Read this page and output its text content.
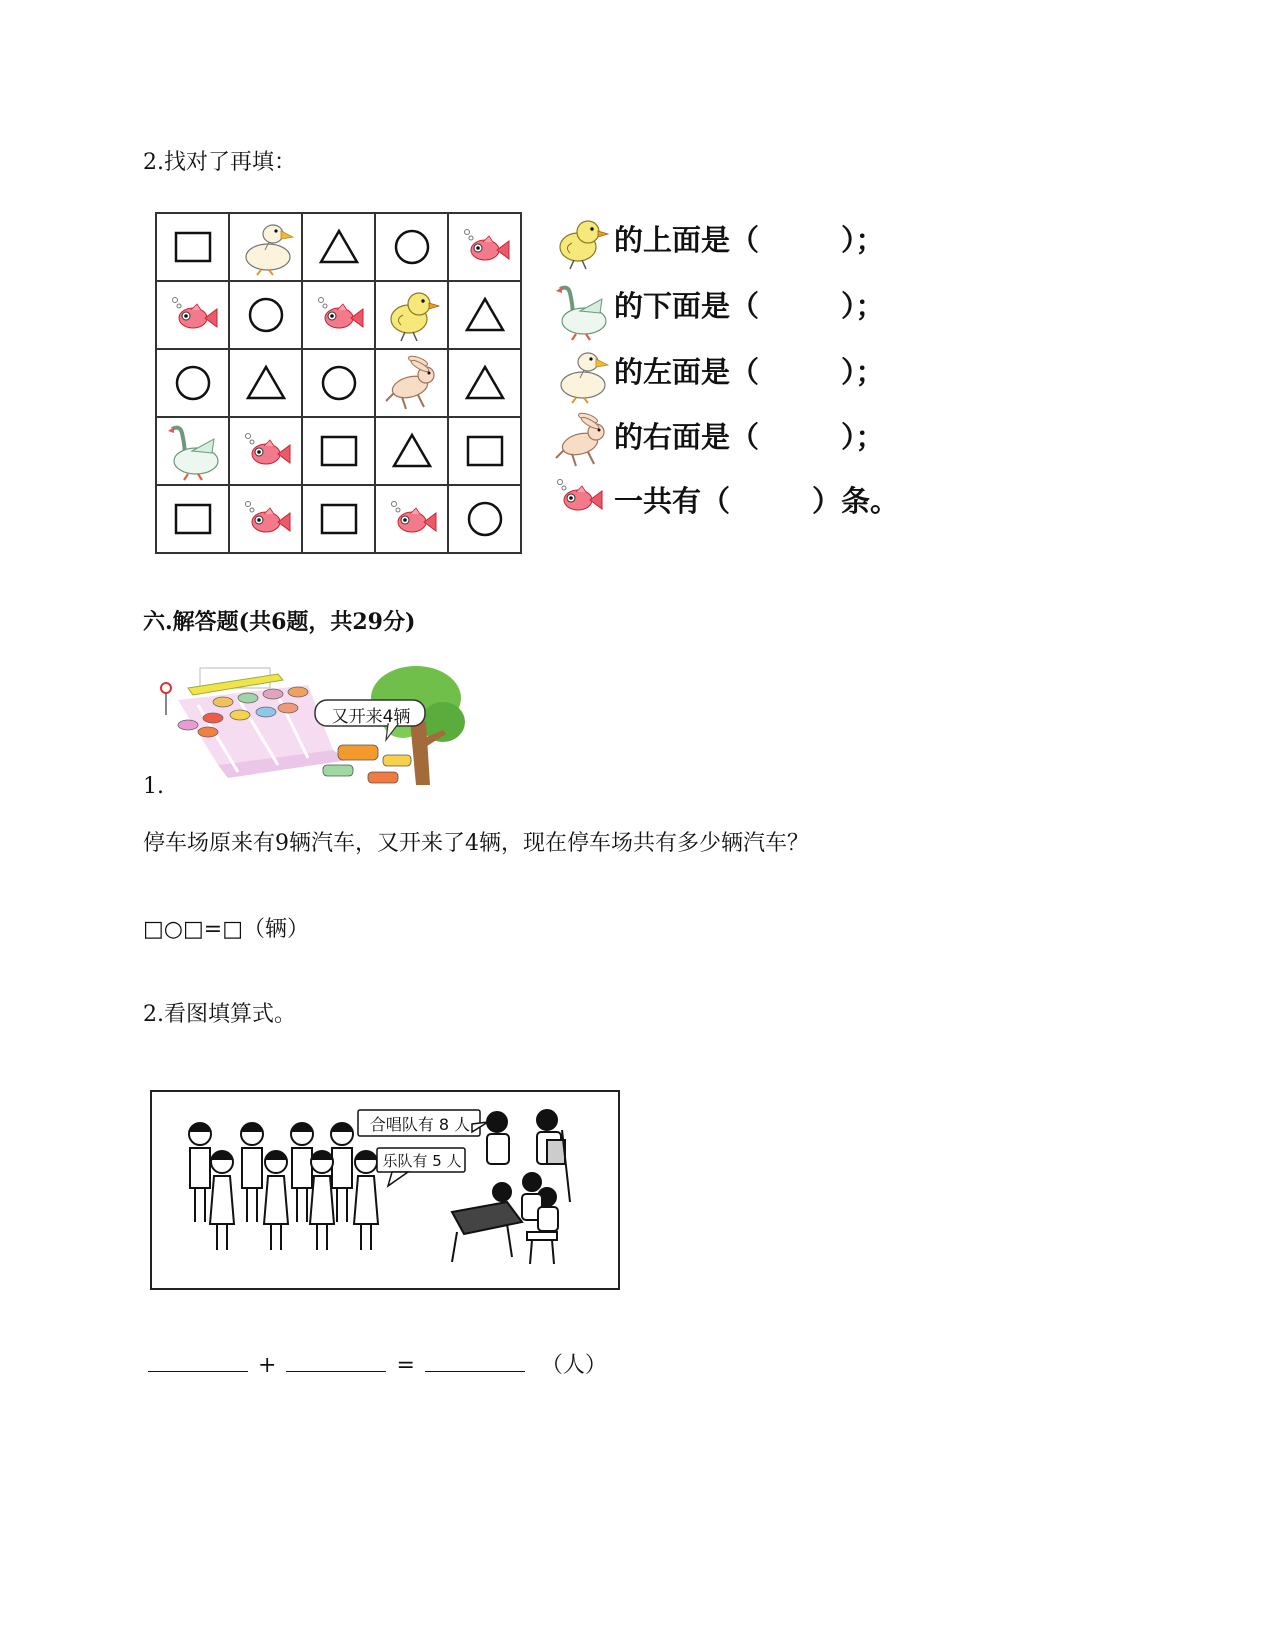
2.找对了再填：

的上面是（	）；
的下面是（	）；
的左面是（	）；
的右面是（	）；
一共有（	）条。
六.解答题(共6题，共29分)
又开来4辆
1.
停车场原来有9辆汽车，又开来了4辆，现在停车场共有多少辆汽车？
□○□=□（辆）
2.看图填算式。
合唱队有 8 人
乐队有 5 人
+	=	（人）
